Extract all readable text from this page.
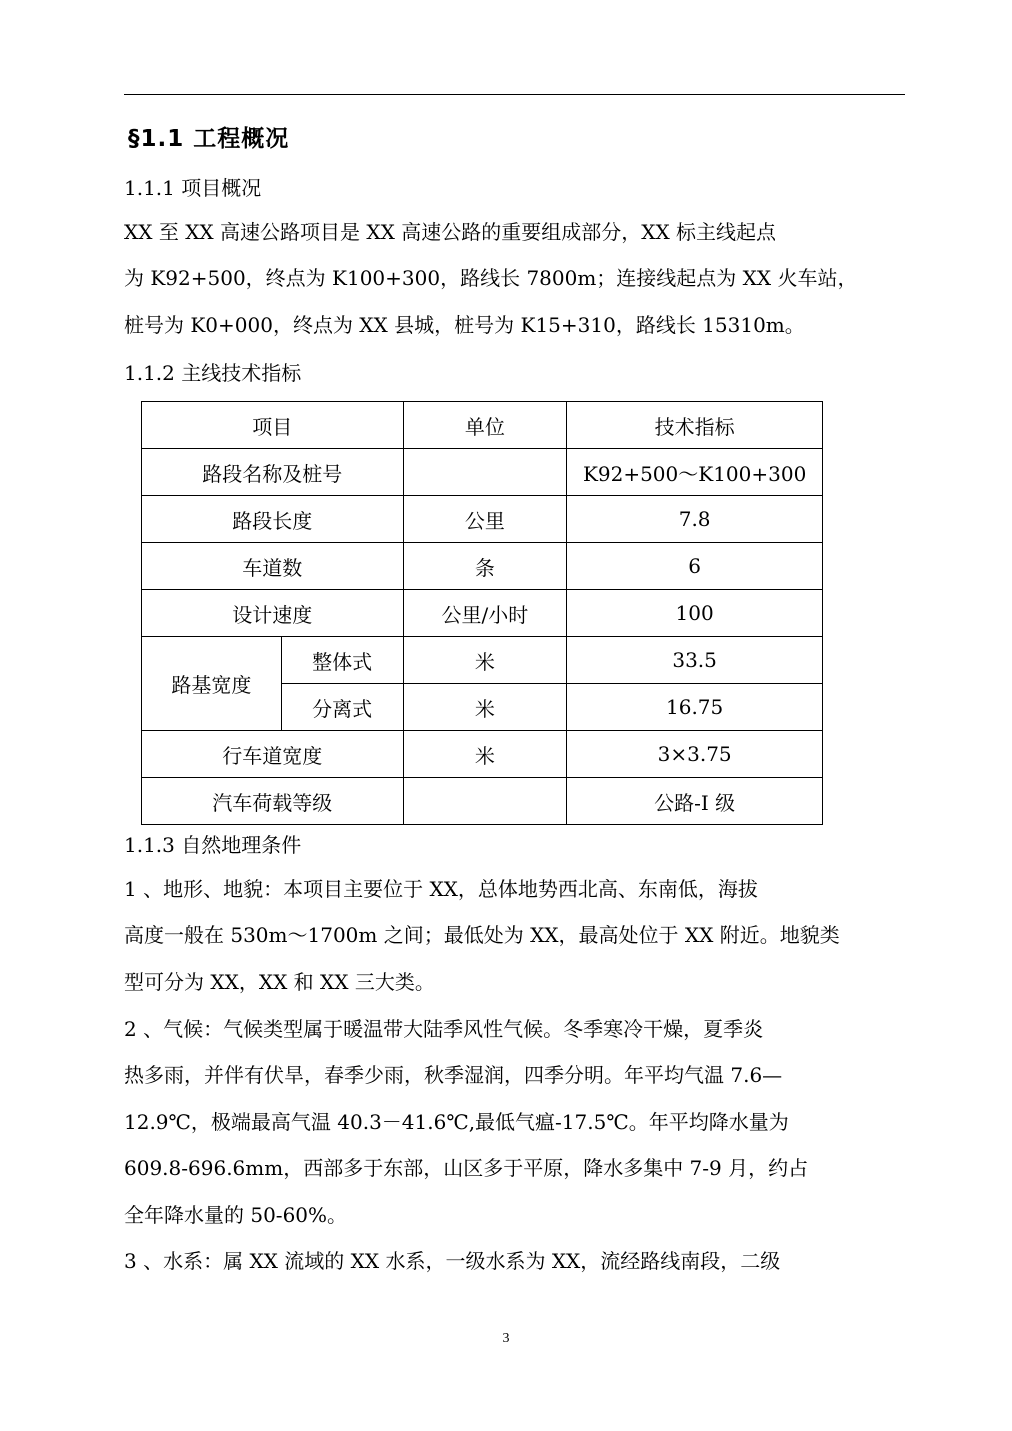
§1.1 工程概况
1.1.1 项目概况
XX 至 XX 高速公路项目是 XX 高速公路的重要组成部分，XX 标主线起点
为 K92+500，终点为 K100+300，路线长 7800m；连接线起点为 XX 火车站，
桩号为 K0+000，终点为 XX 县城，桩号为 K15+310，路线长 15310m。
1.1.2 主线技术指标
项目		单位	技术指标
路段名称及桩号			K92+500～K100+300
路段长度		公里	7.8
车道数		条	6
设计速度		公里/小时	100
路基宽度	整体式	米	33.5
	分离式	米	16.75
行车道宽度		米	3×3.75
汽车荷载等级			公路-I 级
1.1.3 自然地理条件
1 、地形、地貌：本项目主要位于 XX，总体地势西北高、东南低，海拔
高度一般在 530m～1700m 之间；最低处为 XX，最高处位于 XX 附近。地貌类
型可分为 XX，XX 和 XX 三大类。
2 、气候：气候类型属于暖温带大陆季风性气候。冬季寒冷干燥，夏季炎
热多雨，并伴有伏旱，春季少雨，秋季湿润，四季分明。年平均气温 7.6—
12.9℃，极端最高气温 40.3－41.6℃,最低气瘟-17.5℃。年平均降水量为
609.8-696.6mm，西部多于东部，山区多于平原，降水多集中 7-9 月，约占
全年降水量的 50-60%。
3 、水系：属 XX 流域的 XX 水系，一级水系为 XX，流经路线南段，二级
3
